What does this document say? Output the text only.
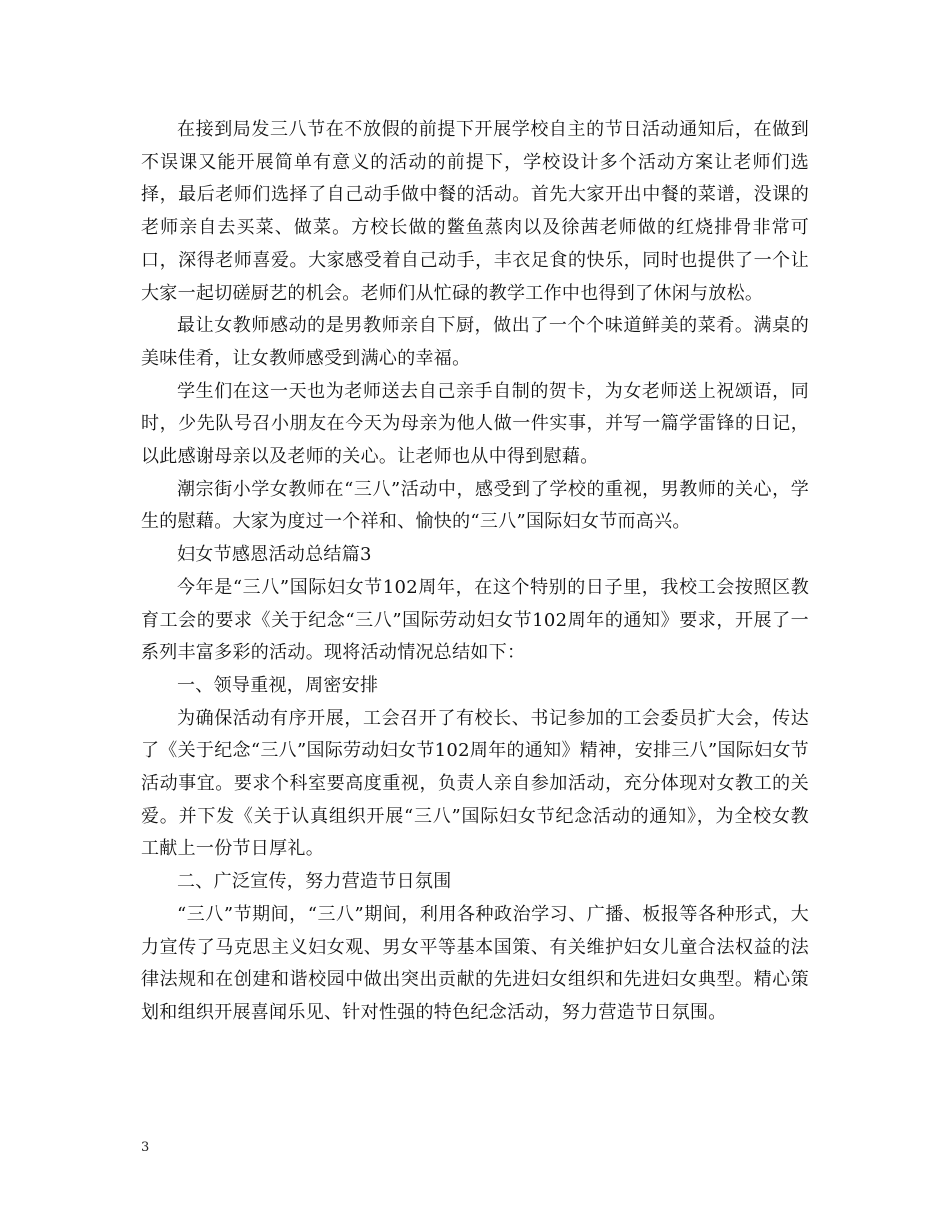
在接到局发三八节在不放假的前提下开展学校自主的节日活动通知后，在做到不误课又能开展简单有意义的活动的前提下，学校设计多个活动方案让老师们选择，最后老师们选择了自己动手做中餐的活动。首先大家开出中餐的菜谱，没课的老师亲自去买菜、做菜。方校长做的鳖鱼蒸肉以及徐茜老师做的红烧排骨非常可口，深得老师喜爱。大家感受着自己动手，丰衣足食的快乐，同时也提供了一个让大家一起切磋厨艺的机会。老师们从忙碌的教学工作中也得到了休闲与放松。

最让女教师感动的是男教师亲自下厨，做出了一个个味道鲜美的菜肴。满桌的美味佳肴，让女教师感受到满心的幸福。

学生们在这一天也为老师送去自己亲手自制的贺卡，为女老师送上祝颂语，同时，少先队号召小朋友在今天为母亲为他人做一件实事，并写一篇学雷锋的日记，以此感谢母亲以及老师的关心。让老师也从中得到慰藉。

潮宗街小学女教师在“三八”活动中，感受到了学校的重视，男教师的关心，学生的慰藉。大家为度过一个祥和、愉快的“三八”国际妇女节而高兴。

妇女节感恩活动总结篇3

今年是“三八”国际妇女节102周年，在这个特别的日子里，我校工会按照区教育工会的要求《关于纪念“三八”国际劳动妇女节102周年的通知》要求，开展了一系列丰富多彩的活动。现将活动情况总结如下：

一、领导重视，周密安排

为确保活动有序开展，工会召开了有校长、书记参加的工会委员扩大会，传达了《关于纪念“三八”国际劳动妇女节102周年的通知》精神，安排三八”国际妇女节活动事宜。要求个科室要高度重视，负责人亲自参加活动，充分体现对女教工的关爱。并下发《关于认真组织开展“三八”国际妇女节纪念活动的通知》，为全校女教工献上一份节日厚礼。

二、广泛宣传，努力营造节日氛围

“三八”节期间，“三八”期间，利用各种政治学习、广播、板报等各种形式，大力宣传了马克思主义妇女观、男女平等基本国策、有关维护妇女儿童合法权益的法律法规和在创建和谐校园中做出突出贡献的先进妇女组织和先进妇女典型。精心策划和组织开展喜闻乐见、针对性强的特色纪念活动，努力营造节日氛围。

3
